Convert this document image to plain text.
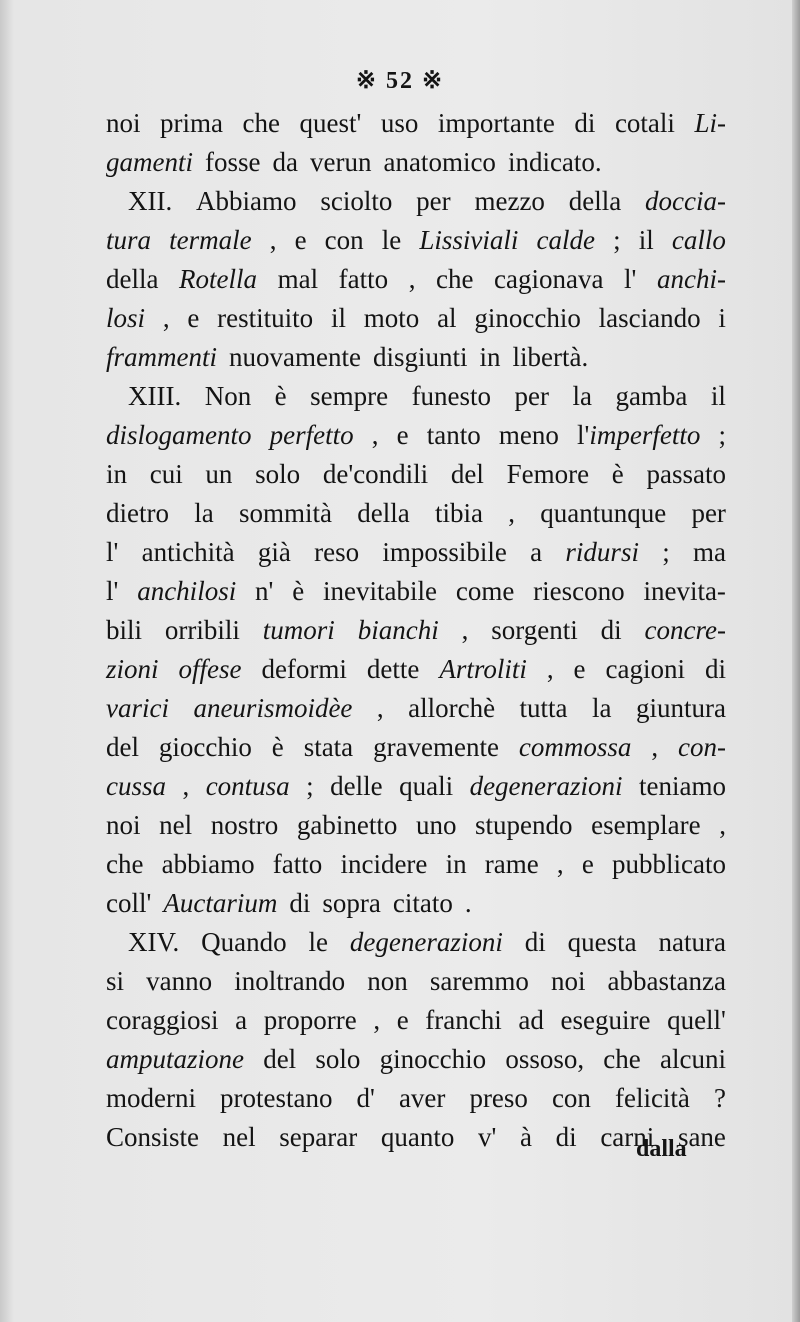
※ 52 ※
noi prima che quest' uso importante di cotali Li-
gamenti fosse da verun anatomico indicato.
XII. Abbiamo sciolto per mezzo della doccia-
tura termale , e con le Lissiviali calde ; il callo
della Rotella mal fatto , che cagionava l' anchi-
losi , e restituito il moto al ginocchio lasciando i
frammenti nuovamente disgiunti in libertà.
XIII. Non è sempre funesto per la gamba il
dislogamento perfetto , e tanto meno l'imperfetto ;
in cui un solo de'condili del Femore è passato
dietro la sommità della tibia , quantunque per
l' antichità già reso impossibile a ridursi ; ma
l' anchilosi n' è inevitabile come riescono inevita-
bili orribili tumori bianchi , sorgenti di concre-
zioni offese deformi dette Artroliti , e cagioni di
varici aneurismoidèe , allorchè tutta la giuntura
del giocchio è stata gravemente commossa , con-
cussa , contusa ; delle quali degenerazioni teniamo
noi nel nostro gabinetto uno stupendo esemplare ,
che abbiamo fatto incidere in rame , e pubblicato
coll' Auctarium di sopra citato .
XIV. Quando le degenerazioni di questa natura
si vanno inoltrando non saremmo noi abbastanza
coraggiosi a proporre , e franchi ad eseguire quell'
amputazione del solo ginocchio ossoso, che alcuni
moderni protestano d' aver preso con felicità ?
Consiste nel separar quanto v' à di carni sane
dalla
